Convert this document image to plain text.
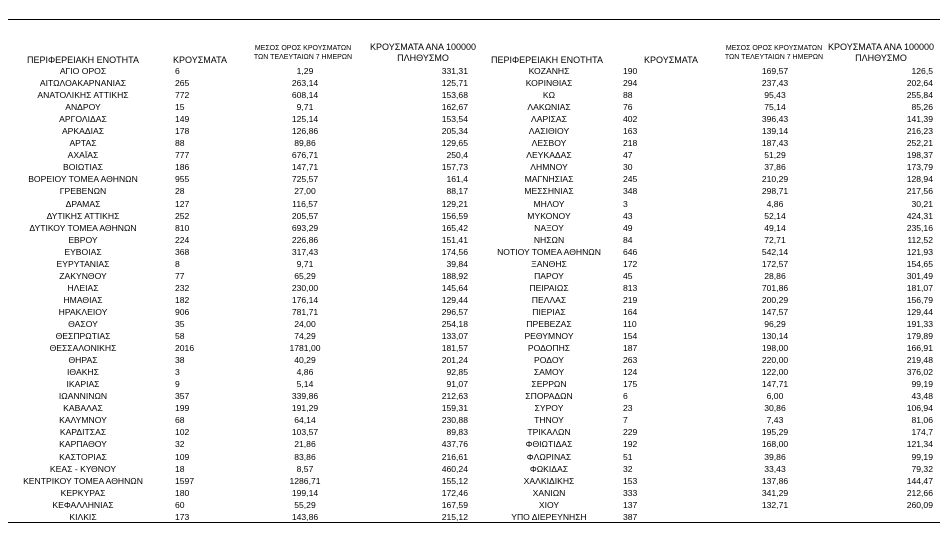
ΠΕΡΙΦΕΡΕΙΑΚΗ ΕΝΟΤΗΤΑ	ΚΡΟΥΣΜΑΤΑ
ΜΕΣΟΣ ΟΡΟΣ ΚΡΟΥΣΜΑΤΩΝ
ΤΩΝ ΤΕΛΕΥΤΑΙΩΝ 7 ΗΜΕΡΩΝ
ΚΡΟΥΣΜΑΤΑ ΑΝΑ 100000
ΠΛΗΘΥΣΜΟ	ΠΕΡΙΦΕΡΕΙΑΚΗ ΕΝΟΤΗΤΑ	ΚΡΟΥΣΜΑΤΑ
ΜΕΣΟΣ ΟΡΟΣ ΚΡΟΥΣΜΑΤΩΝ
ΤΩΝ ΤΕΛΕΥΤΑΙΩΝ 7 ΗΜΕΡΩΝ
ΚΡΟΥΣΜΑΤΑ ΑΝΑ 100000
ΠΛΗΘΥΣΜΟ
ΑΓΙΟ ΟΡΟΣ	6	1,29	331,31
ΑΙΤΩΛΟΑΚΑΡΝΑΝΙΑΣ	265	263,14	125,71
ΑΝΑΤΟΛΙΚΗΣ ΑΤΤΙΚΗΣ	772	608,14	153,68
ΑΝΔΡΟΥ	15	9,71	162,67
ΑΡΓΟΛΙΔΑΣ	149	125,14	153,54
ΑΡΚΑΔΙΑΣ	178	126,86	205,34
ΑΡΤΑΣ	88	89,86	129,65
ΑΧΑΪΑΣ	777	676,71	250,4
ΒΟΙΩΤΙΑΣ	186	147,71	157,73
ΒΟΡΕΙΟΥ ΤΟΜΕΑ ΑΘΗΝΩΝ	955	725,57	161,4
ΓΡΕΒΕΝΩΝ	28	27,00	88,17
ΔΡΑΜΑΣ	127	116,57	129,21
ΔΥΤΙΚΗΣ ΑΤΤΙΚΗΣ	252	205,57	156,59
ΔΥΤΙΚΟΥ ΤΟΜΕΑ ΑΘΗΝΩΝ	810	693,29	165,42
ΕΒΡΟΥ	224	226,86	151,41
ΕΥΒΟΙΑΣ	368	317,43	174,56
ΕΥΡΥΤΑΝΙΑΣ	8	9,71	39,84
ΖΑΚΥΝΘΟΥ	77	65,29	188,92
ΗΛΕΙΑΣ	232	230,00	145,64
ΗΜΑΘΙΑΣ	182	176,14	129,44
ΗΡΑΚΛΕΙΟΥ	906	781,71	296,57
ΘΑΣΟΥ	35	24,00	254,18
ΘΕΣΠΡΩΤΙΑΣ	58	74,29	133,07
ΘΕΣΣΑΛΟΝΙΚΗΣ	2016	1781,00	181,57
ΘΗΡΑΣ	38	40,29	201,24
ΙΘΑΚΗΣ	3	4,86	92,85
ΙΚΑΡΙΑΣ	9	5,14	91,07
ΙΩΑΝΝΙΝΩΝ	357	339,86	212,63
ΚΑΒΑΛΑΣ	199	191,29	159,31
ΚΑΛΥΜΝΟΥ	68	64,14	230,88
ΚΑΡΔΙΤΣΑΣ	102	103,57	89,83
ΚΑΡΠΑΘΟΥ	32	21,86	437,76
ΚΑΣΤΟΡΙΑΣ	109	83,86	216,61
ΚΕΑΣ - ΚΥΘΝΟΥ	18	8,57	460,24
ΚΕΝΤΡΙΚΟΥ ΤΟΜΕΑ ΑΘΗΝΩΝ	1597	1286,71	155,12
ΚΕΡΚΥΡΑΣ	180	199,14	172,46
ΚΕΦΑΛΛΗΝΙΑΣ	60	55,29	167,59
ΚΙΛΚΙΣ	173	143,86	215,12
ΚΟΖΑΝΗΣ	190	169,57	126,5
ΚΟΡΙΝΘΙΑΣ	294	237,43	202,64
ΚΩ	88	95,43	255,84
ΛΑΚΩΝΙΑΣ	76	75,14	85,26
ΛΑΡΙΣΑΣ	402	396,43	141,39
ΛΑΣΙΘΙΟΥ	163	139,14	216,23
ΛΕΣΒΟΥ	218	187,43	252,21
ΛΕΥΚΑΔΑΣ	47	51,29	198,37
ΛΗΜΝΟΥ	30	37,86	173,79
ΜΑΓΝΗΣΙΑΣ	245	210,29	128,94
ΜΕΣΣΗΝΙΑΣ	348	298,71	217,56
ΜΗΛΟΥ	3	4,86	30,21
ΜΥΚΟΝΟΥ	43	52,14	424,31
ΝΑΞΟΥ	49	49,14	235,16
ΝΗΣΩΝ	84	72,71	112,52
ΝΟΤΙΟΥ ΤΟΜΕΑ ΑΘΗΝΩΝ	646	542,14	121,93
ΞΑΝΘΗΣ	172	172,57	154,65
ΠΑΡΟΥ	45	28,86	301,49
ΠΕΙΡΑΙΩΣ	813	701,86	181,07
ΠΕΛΛΑΣ	219	200,29	156,79
ΠΙΕΡΙΑΣ	164	147,57	129,44
ΠΡΕΒΕΖΑΣ	110	96,29	191,33
ΡΕΘΥΜΝΟΥ	154	130,14	179,89
ΡΟΔΟΠΗΣ	187	198,00	166,91
ΡΟΔΟΥ	263	220,00	219,48
ΣΑΜΟΥ	124	122,00	376,02
ΣΕΡΡΩΝ	175	147,71	99,19
ΣΠΟΡΑΔΩΝ	6	6,00	43,48
ΣΥΡΟΥ	23	30,86	106,94
ΤΗΝΟΥ	7	7,43	81,06
ΤΡΙΚΑΛΩΝ	229	195,29	174,7
ΦΘΙΩΤΙΔΑΣ	192	168,00	121,34
ΦΛΩΡΙΝΑΣ	51	39,86	99,19
ΦΩΚΙΔΑΣ	32	33,43	79,32
ΧΑΛΚΙΔΙΚΗΣ	153	137,86	144,47
ΧΑΝΙΩΝ	333	341,29	212,66
ΧΙΟΥ	137	132,71	260,09
ΥΠΟ ΔΙΕΡΕΥΝΗΣΗ	387
